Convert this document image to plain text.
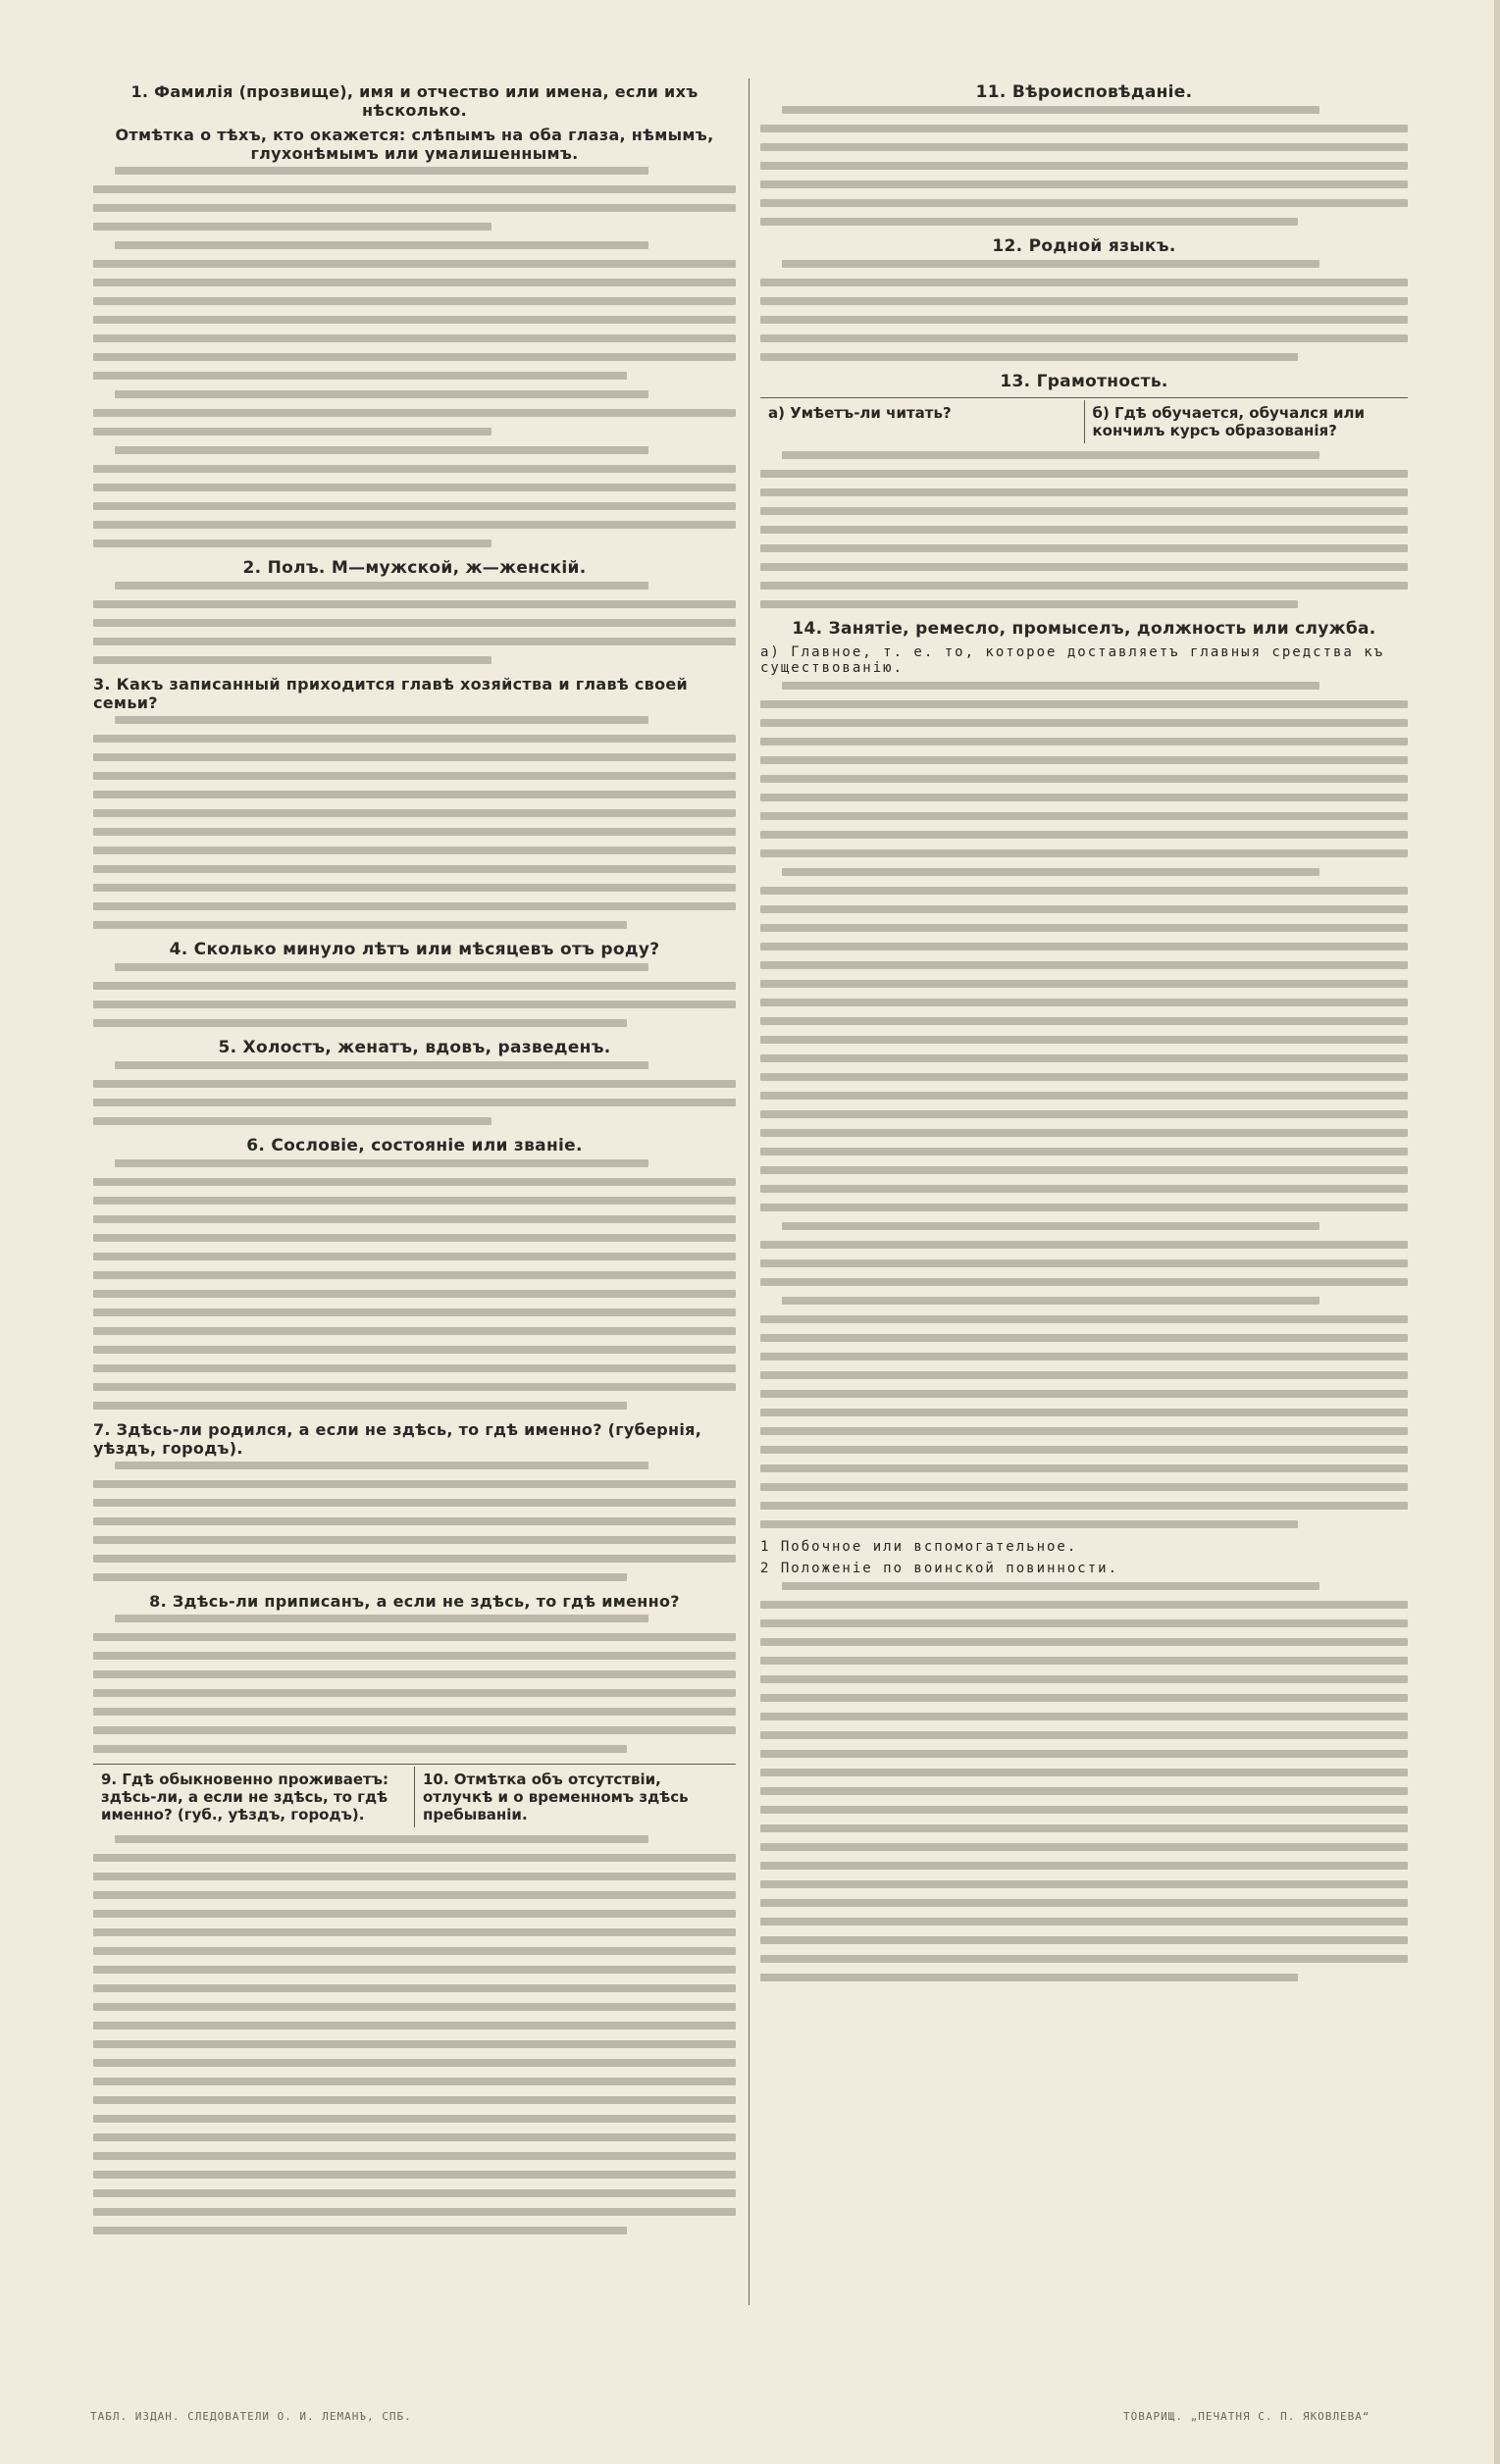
1. Фамилія (прозвище), имя и отчество или имена, если ихъ нѣсколько.
Отмѣтка о тѣхъ, кто окажется: слѣпымъ на оба глаза, нѣмымъ, глухонѣмымъ или умалишеннымъ.
2. Полъ. М—мужской, ж—женскій.
3. Какъ записанный приходится главѣ хозяйства и главѣ своей семьи?
4. Сколько минуло лѣтъ или мѣсяцевъ отъ роду?
5. Холостъ, женатъ, вдовъ, разведенъ.
6. Сословіе, состояніе или званіе.
7. Здѣсь-ли родился, а если не здѣсь, то гдѣ именно? (губернія, уѣздъ, городъ).
8. Здѣсь-ли приписанъ, а если не здѣсь, то гдѣ именно?
9. Гдѣ обыкновенно проживаетъ: здѣсь-ли, а если не здѣсь, то гдѣ именно? (губ., уѣздъ, городъ).
10. Отмѣтка объ отсутствіи, отлучкѣ и о временномъ здѣсь пребываніи.
11. Вѣроисповѣданіе.
12. Родной языкъ.
13. Грамотность.
а) Умѣетъ-ли читать?	б) Гдѣ обучается, обучался или кончилъ курсъ образованія?
14. Занятіе, ремесло, промыселъ, должность или служба.
а) Главное, т. е. то, которое доставляетъ главныя средства къ существованію.
1 Побочное или вспомогательное.
2 Положеніе по воинской повинности.
ТАБЛ. ИЗДАН. СЛЕДОВАТЕЛИ О. И. ЛЕМАНЪ, СПБ.	ТОВАРИЩ. „ПЕЧАТНЯ С. П. ЯКОВЛЕВА“
